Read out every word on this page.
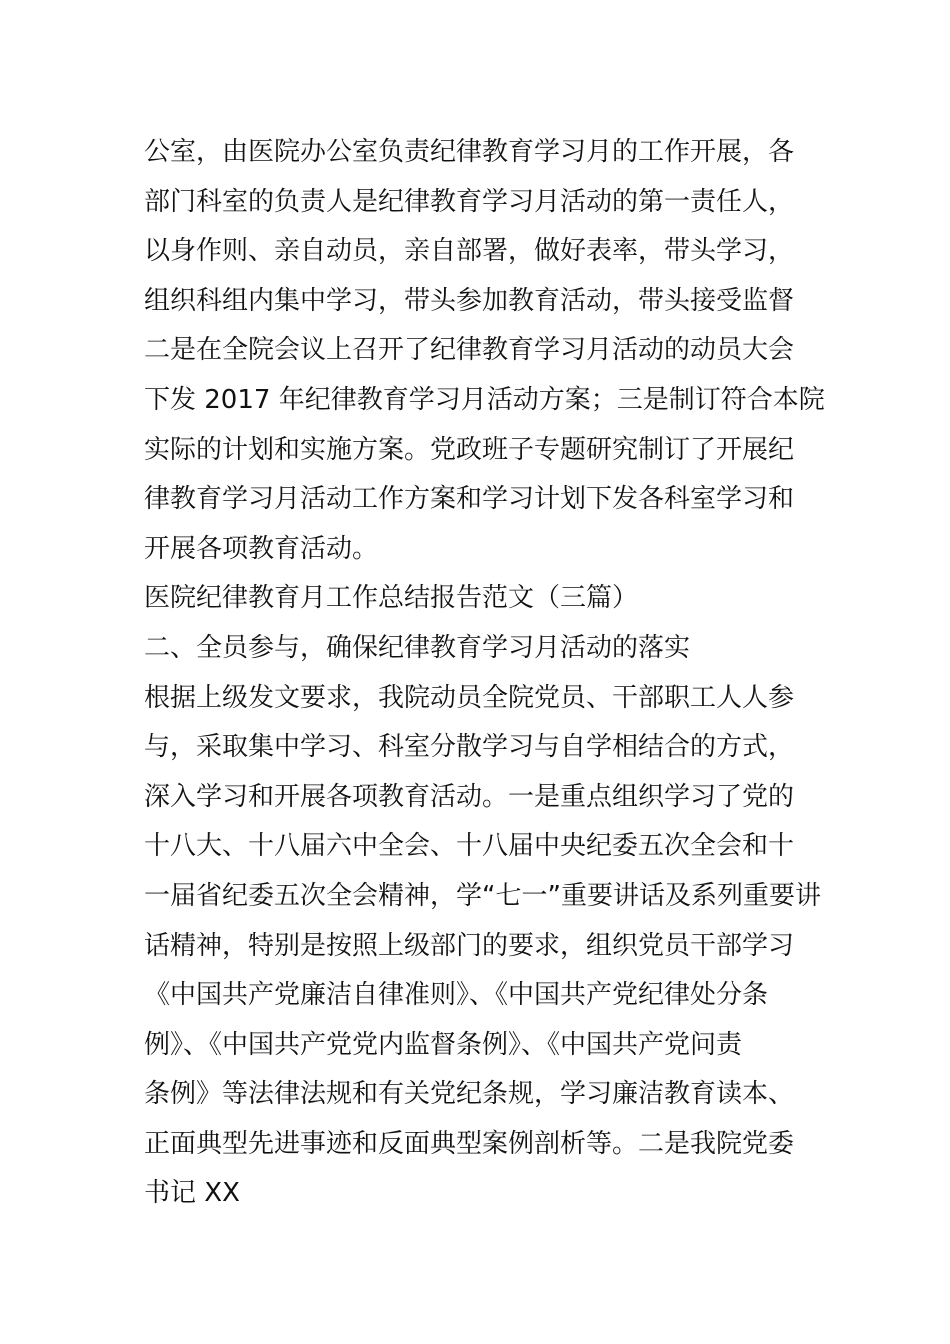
公室，由医院办公室负责纪律教育学习月的工作开展，各
部门科室的负责人是纪律教育学习月活动的第一责任人，
以身作则、亲自动员，亲自部署，做好表率，带头学习，
组织科组内集中学习，带头参加教育活动，带头接受监督
二是在全院会议上召开了纪律教育学习月活动的动员大会
下发 2017 年纪律教育学习月活动方案；三是制订符合本院
实际的计划和实施方案。党政班子专题研究制订了开展纪
律教育学习月活动工作方案和学习计划下发各科室学习和
开展各项教育活动。
医院纪律教育月工作总结报告范文（三篇）
二、全员参与，确保纪律教育学习月活动的落实
根据上级发文要求，我院动员全院党员、干部职工人人参
与，采取集中学习、科室分散学习与自学相结合的方式，
深入学习和开展各项教育活动。一是重点组织学习了党的
十八大、十八届六中全会、十八届中央纪委五次全会和十
一届省纪委五次全会精神，学“七一”重要讲话及系列重要讲
话精神，特别是按照上级部门的要求，组织党员干部学习
《中国共产党廉洁自律准则》、《中国共产党纪律处分条
例》、《中国共产党党内监督条例》、《中国共产党问责
条例》等法律法规和有关党纪条规，学习廉洁教育读本、
正面典型先进事迹和反面典型案例剖析等。二是我院党委
书记 XX
